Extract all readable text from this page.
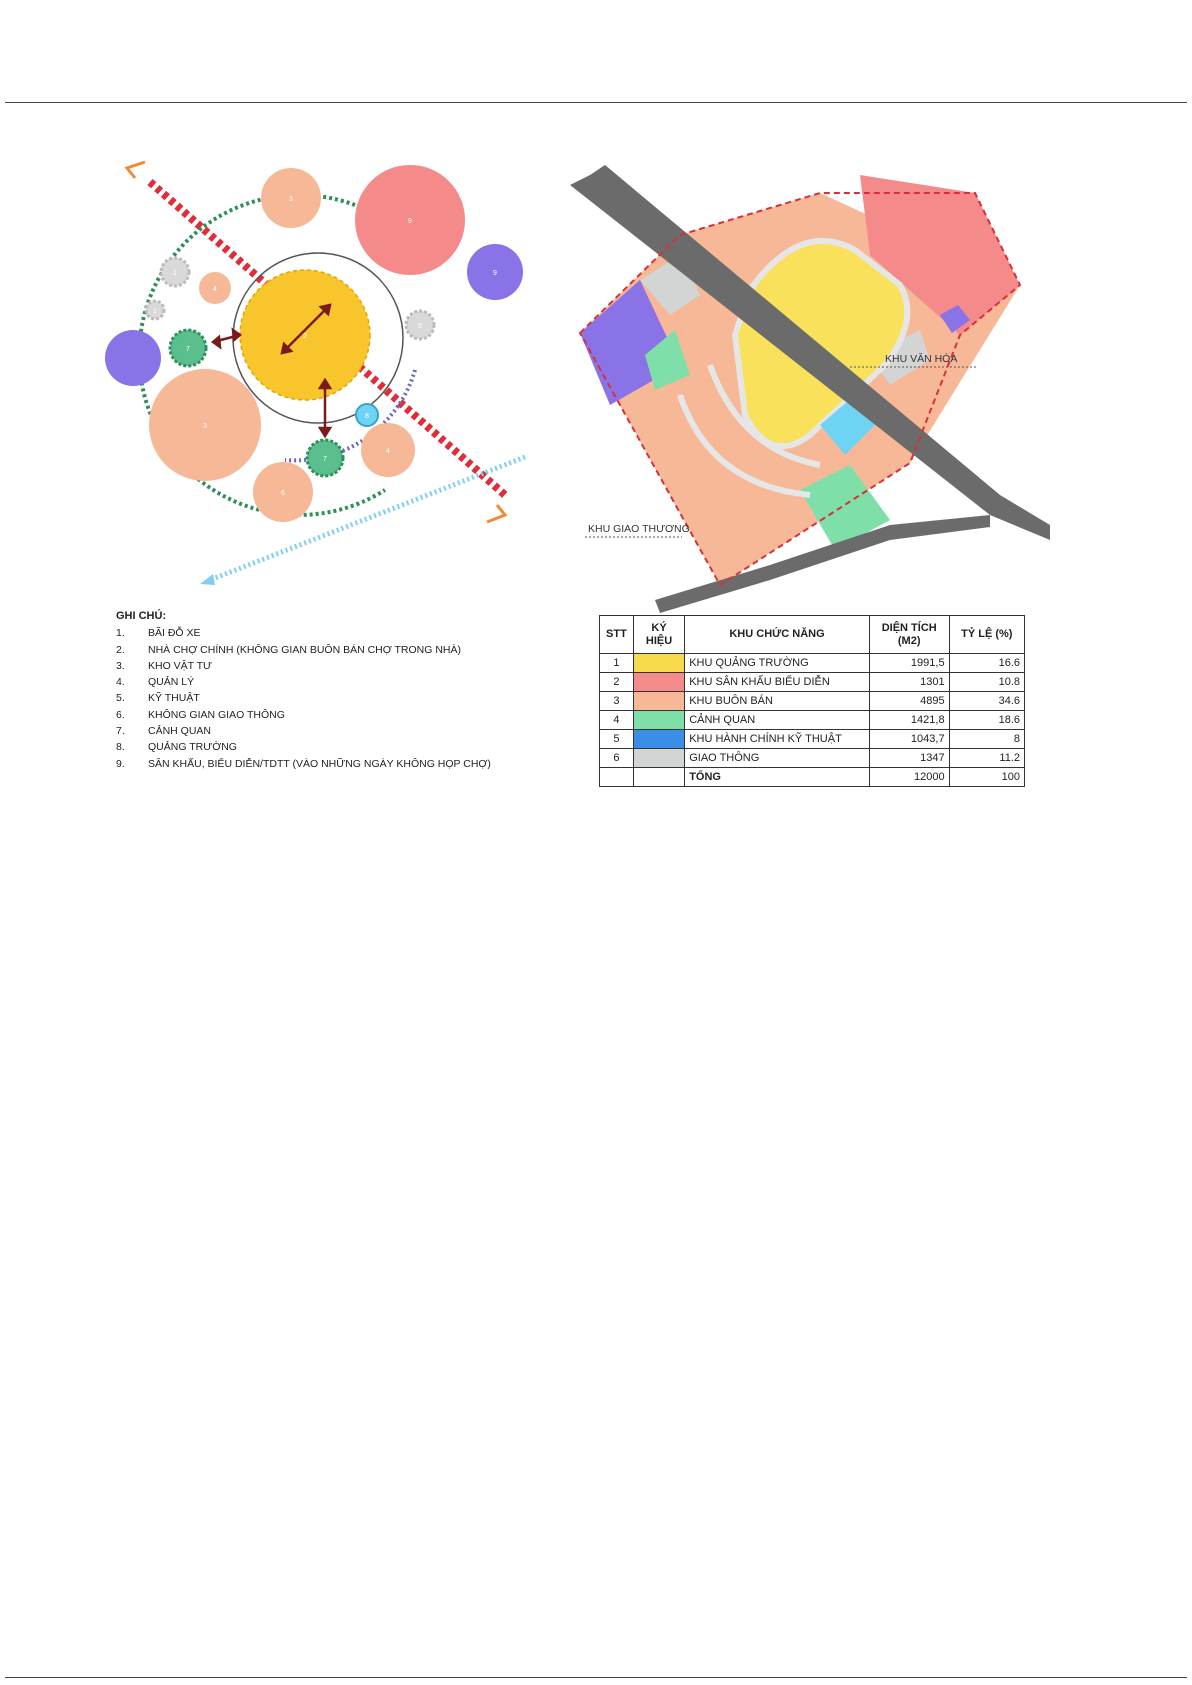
1
1
2
3
3
4
4
5
6
7
7
8
9
9
KHU VĂN HÓA
KHU GIAO THƯƠNG
GHI CHÚ:
1.	BÃI ĐỖ XE
2.	NHÀ CHỢ CHÍNH (KHÔNG GIAN BUÔN BÁN CHỢ TRONG NHÀ)
3.	KHO VẬT TƯ
4.	QUẢN LÝ
5.	KỸ THUẬT
6.	KHÔNG GIAN GIAO THÔNG
7.	CẢNH QUAN
8.	QUẢNG TRƯỜNG
9.	SÂN KHẤU, BIỂU DIỄN/TDTT (VÀO NHỮNG NGÀY KHÔNG HỌP CHỢ)
STT	KÝ HIỆU	KHU CHỨC NĂNG	DIỆN TÍCH (M2)	TỶ LỆ (%)
1		KHU QUẢNG TRƯỜNG	1991,5	16.6
2		KHU SÂN KHẤU BIỂU DIỄN	1301	10.8
3		KHU BUÔN BÁN	4895	34.6
4		CẢNH QUAN	1421,8	18.6
5		KHU HÀNH CHÍNH KỸ THUẬT	1043,7	8
6		GIAO THÔNG	1347	11.2
		TỔNG	12000	100
